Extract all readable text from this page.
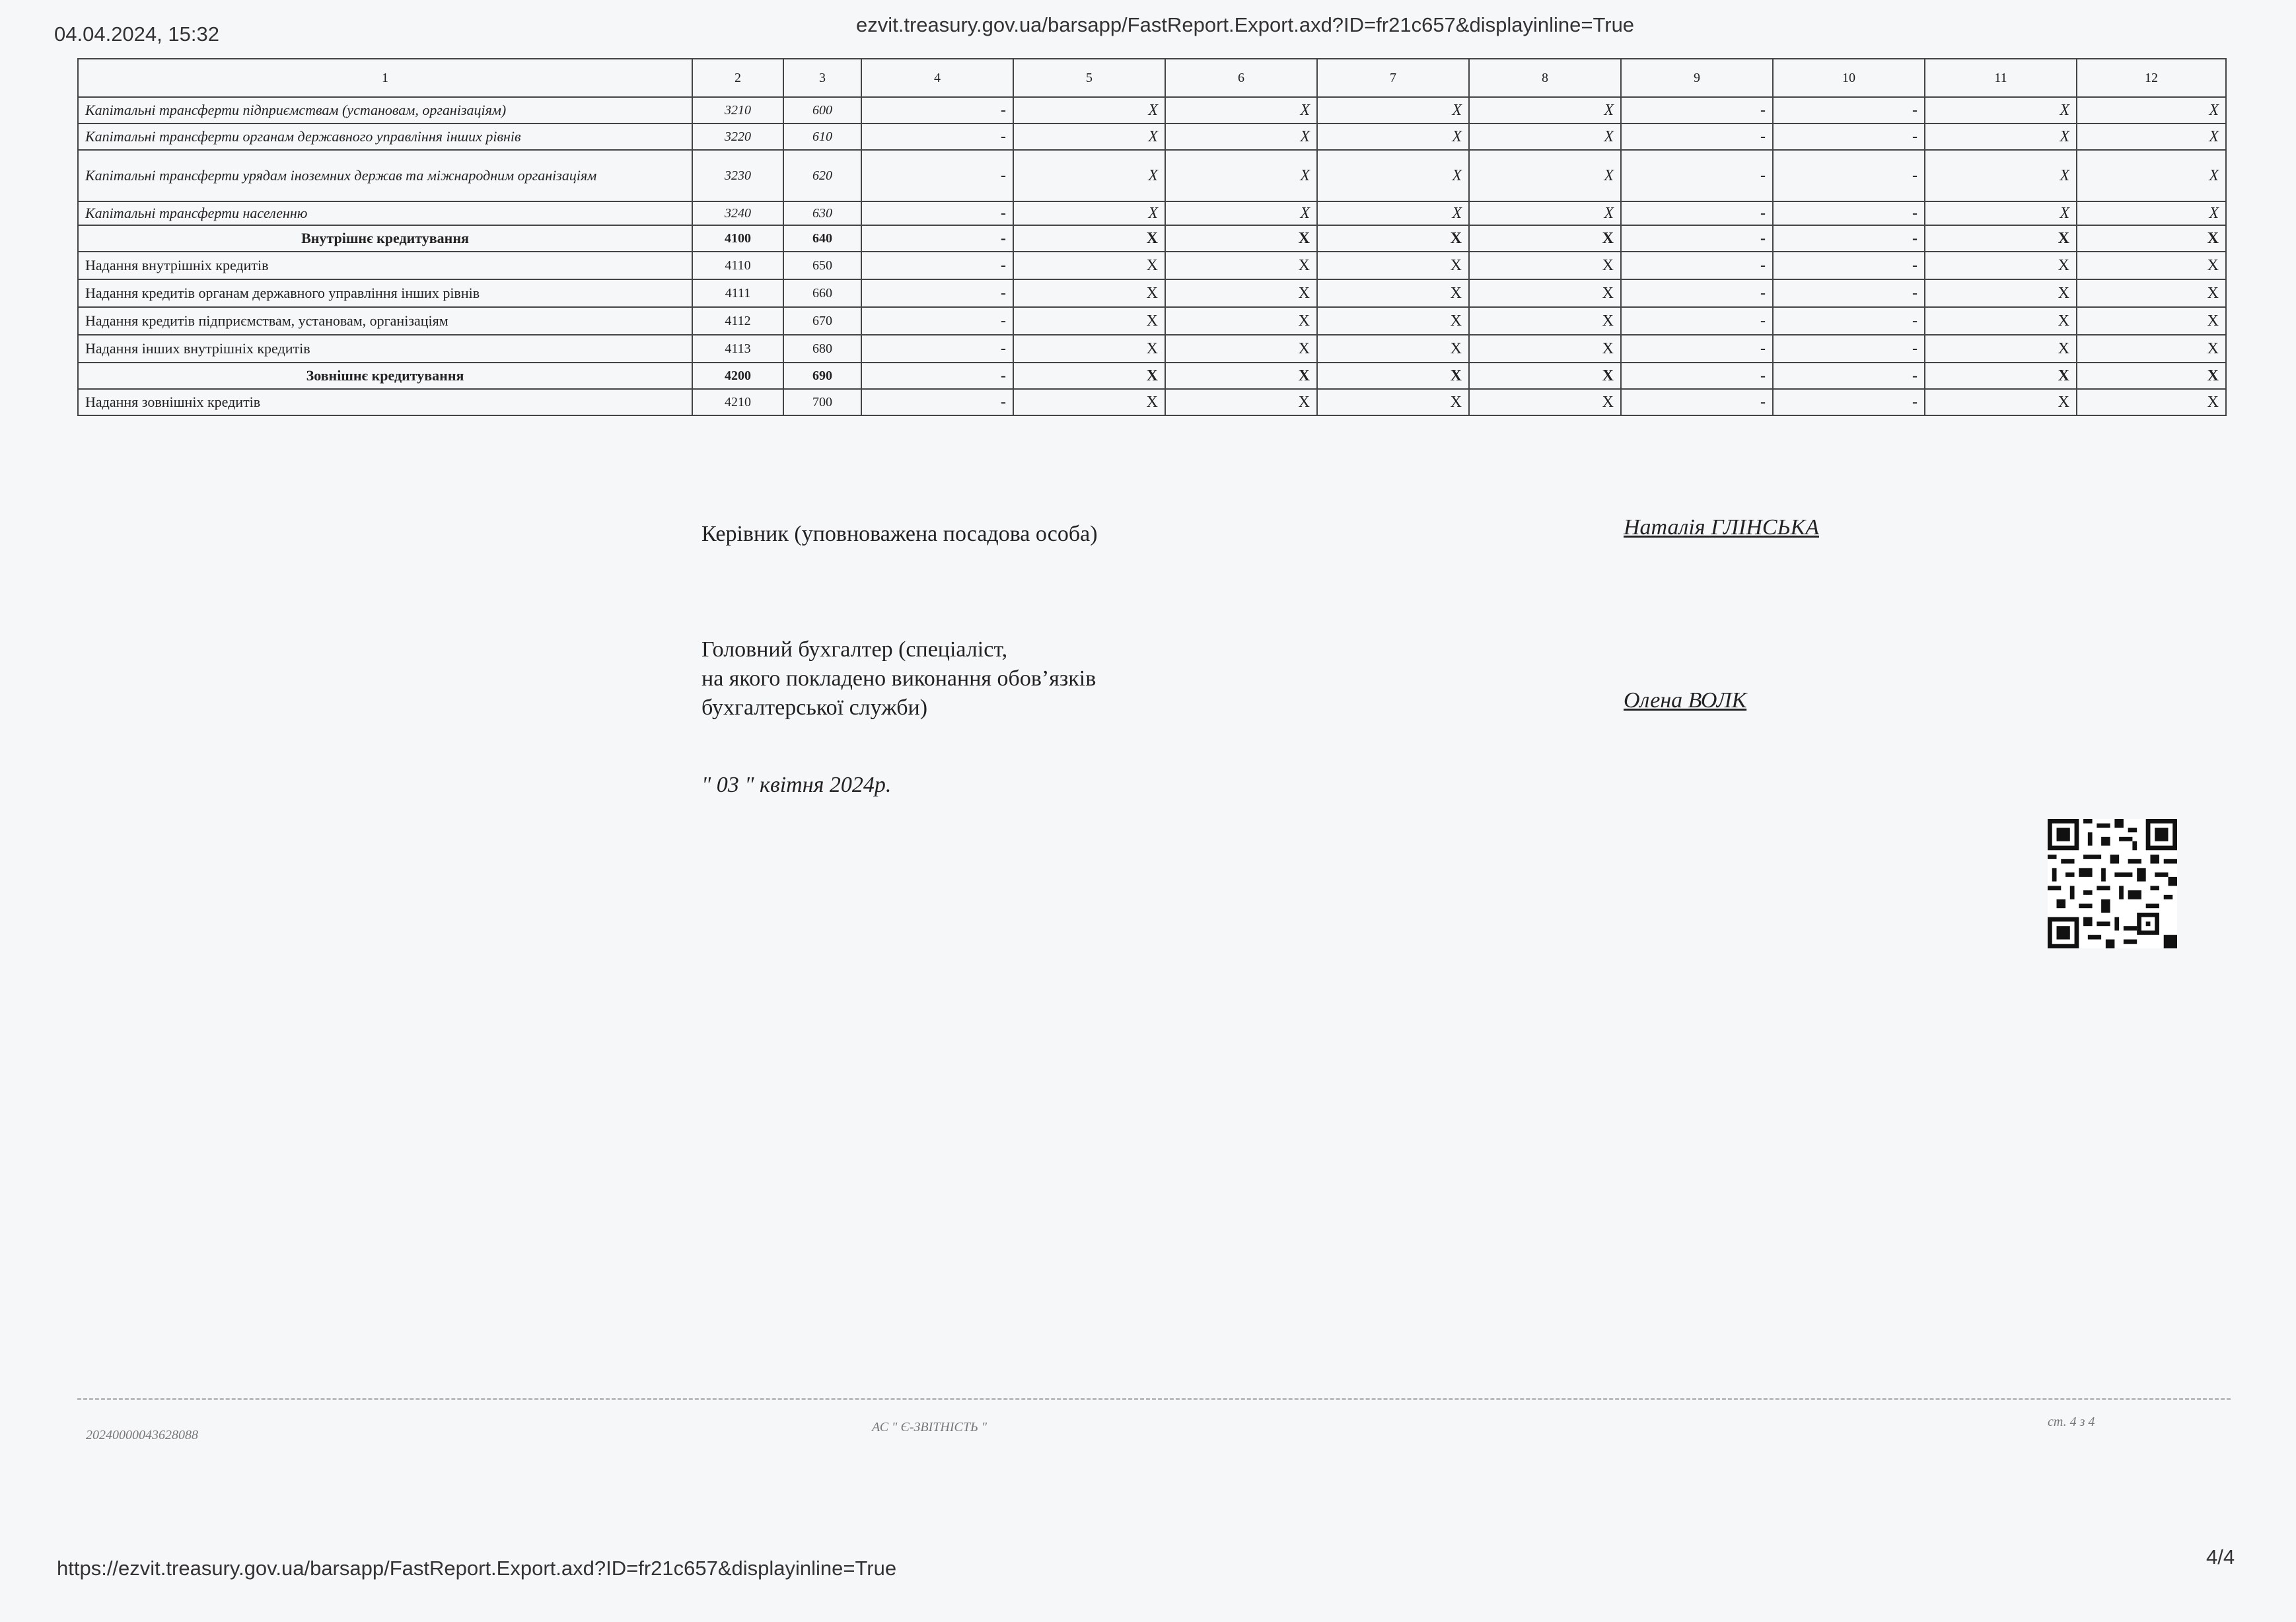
04.04.2024, 15:32	ezvit.treasury.gov.ua/barsapp/FastReport.Export.axd?ID=fr21c657&displayinline=True
1	2	3	4	5	6	7	8	9	10	11	12
Капітальні трансферти підприємствам (установам, організаціям)	3210	600	-	X	X	X	X	-	-	X	X
Капітальні трансферти органам державного управління інших рівнів	3220	610	-	X	X	X	X	-	-	X	X
Капітальні трансферти урядам іноземних держав та міжнародним організаціям	3230	620	-	X	X	X	X	-	-	X	X
Капітальні трансферти населенню	3240	630	-	X	X	X	X	-	-	X	X
Внутрішнє кредитування	4100	640	-	X	X	X	X	-	-	X	X
Надання внутрішніх кредитів	4110	650	-	X	X	X	X	-	-	X	X
Надання кредитів органам державного управління інших рівнів	4111	660	-	X	X	X	X	-	-	X	X
Надання кредитів підприємствам, установам, організаціям	4112	670	-	X	X	X	X	-	-	X	X
Надання інших внутрішніх кредитів	4113	680	-	X	X	X	X	-	-	X	X
Зовнішнє кредитування	4200	690	-	X	X	X	X	-	-	X	X
Надання зовнішніх кредитів	4210	700	-	X	X	X	X	-	-	X	X
Керівник (уповноважена посадова особа)	Наталія ГЛІНСЬКА
Головний бухгалтер (спеціаліст,
на якого покладено виконання обов’язків
бухгалтерської служби)	Олена ВОЛК
" 03 " квітня 2024р.
20240000043628088
АС " Є-ЗВІТНІСТЬ "	ст. 4 з 4
https://ezvit.treasury.gov.ua/barsapp/FastReport.Export.axd?ID=fr21c657&displayinline=True	4/4
